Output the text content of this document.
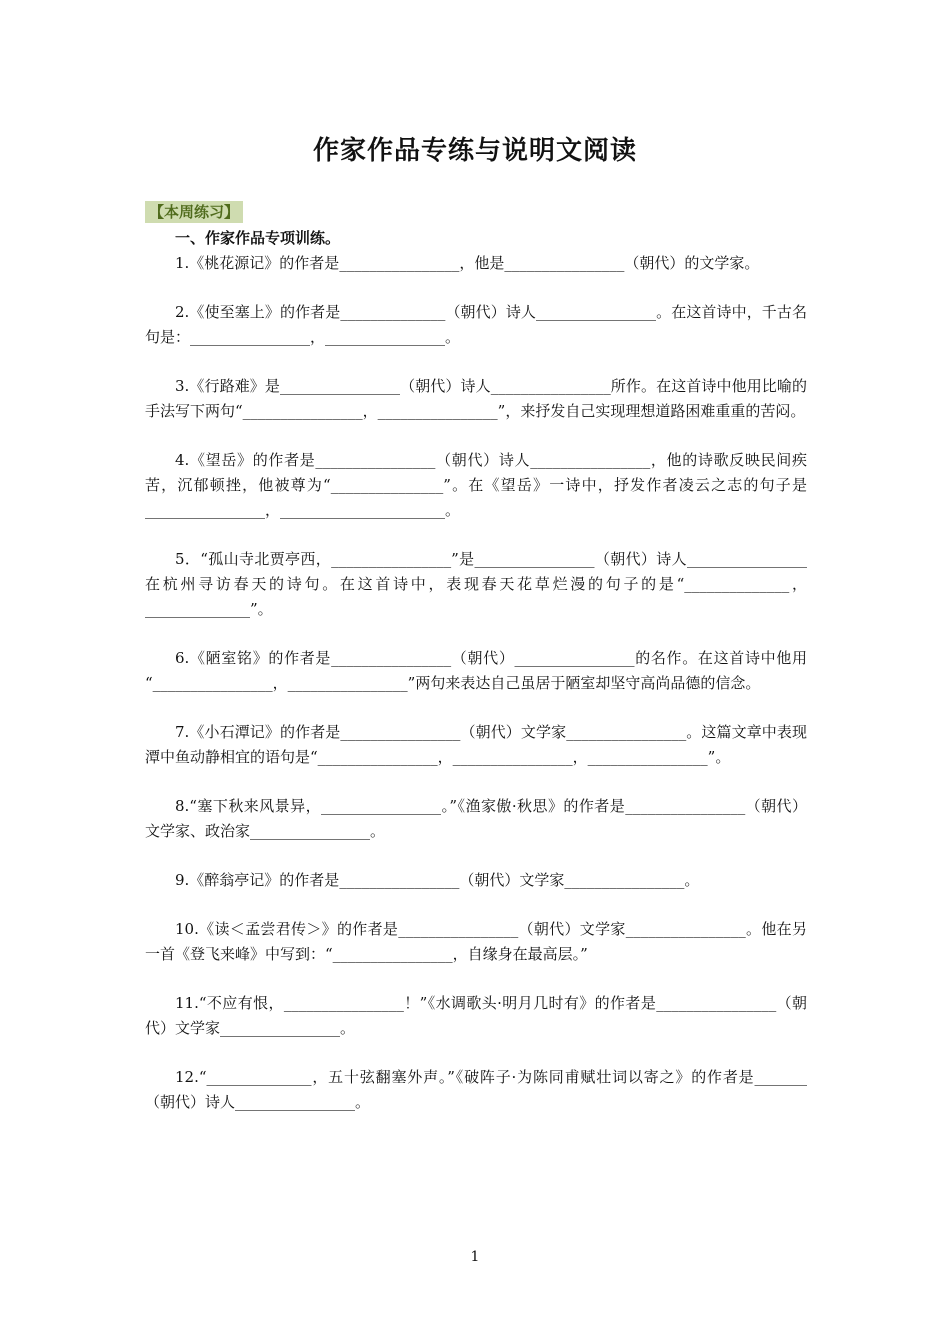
作家作品专练与说明文阅读
【本周练习】

一、作家作品专项训练。

1.《桃花源记》的作者是________________，他是________________（朝代）的文学家。

2.《使至塞上》的作者是______________（朝代）诗人________________。在这首诗中，千古名句是：________________，________________。

3.《行路难》是________________（朝代）诗人________________所作。在这首诗中他用比喻的手法写下两句“________________，________________”，来抒发自己实现理想道路困难重重的苦闷。

4.《望岳》的作者是________________（朝代）诗人________________，他的诗歌反映民间疾苦，沉郁顿挫，他被尊为“_______________”。在《望岳》一诗中，抒发作者凌云之志的句子是________________，______________________。

5．“孤山寺北贾亭西，________________”是________________（朝代）诗人________________在杭州寻访春天的诗句。在这首诗中，表现春天花草烂漫的句子的是“______________，______________”。

6.《陋室铭》的作者是________________（朝代）________________的名作。在这首诗中他用 “________________，________________”两句来表达自己虽居于陋室却坚守高尚品德的信念。

7.《小石潭记》的作者是________________（朝代）文学家________________。这篇文章中表现潭中鱼动静相宜的语句是“________________，________________，________________”。

8.“塞下秋来风景异，________________。”《渔家傲·秋思》的作者是________________（朝代）文学家、政治家________________。

9.《醉翁亭记》的作者是________________（朝代）文学家________________。

10.《读＜孟尝君传＞》的作者是________________（朝代）文学家________________。他在另一首《登飞来峰》中写到：“________________，自缘身在最高层。”

11.“不应有恨，________________！”《水调歌头·明月几时有》的作者是________________（朝代）文学家________________。

12.“______________，五十弦翻塞外声。”《破阵子·为陈同甫赋壮词以寄之》的作者是_______（朝代）诗人________________。

1
